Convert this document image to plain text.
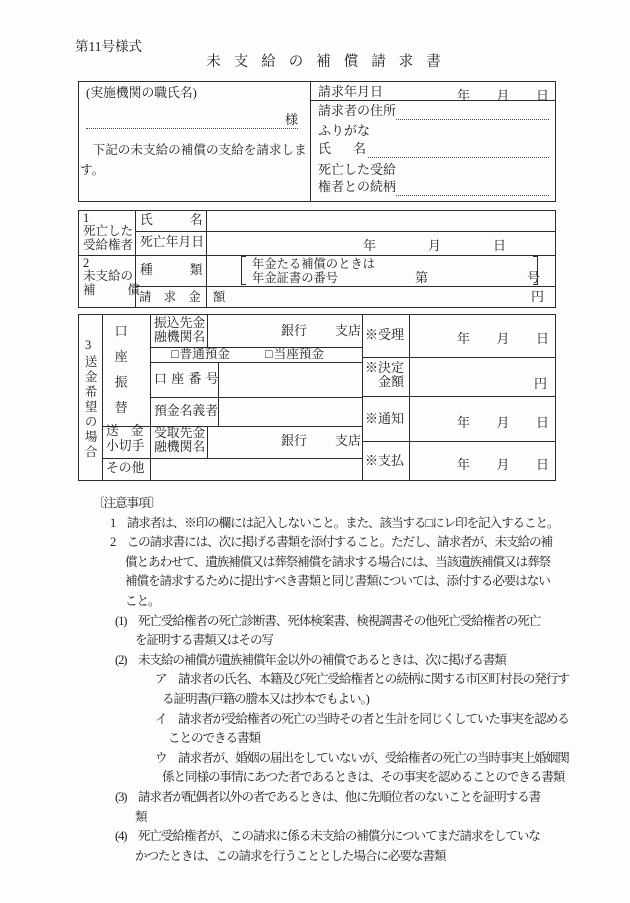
第11号様式
未支給の補償請求書
(実施機関の職氏名)
様
　下記の未支給の補償の支給を請求しま
す。
請求年月日	年 月 日
請求者の住所
ふりがな
氏名
死亡した受給
権者との続柄
1
死亡した
受給権者
氏名
死亡年月日	年	月	日
2
未支給の
補償
種類 年金たる補償のときは
年金証書の番号	第	号
請 求 金 額	円
3
送金希望の場合 口座振替
振込先金
融機関名	銀行 支店
□普通預金	□当座預金
口座番号
預金名義者
送金
小切手
受取先金
融機関名	銀行 支店
その他
※受理	年 月 日
※決定
金額	円
※通知	年 月 日
※支払	年 月 日
〔注意事項〕
1　請求者は、※印の欄には記入しないこと。また、該当する□にレ印を記入すること。
2　この請求書には、次に掲げる書類を添付すること。ただし、請求者が、未支給の補
償とあわせて、遺族補償又は葬祭補償を請求する場合には、当該遺族補償又は葬祭
補償を請求するために提出すべき書類と同じ書類については、添付する必要はない
こと。
(1)　死亡受給権者の死亡診断書、死体検案書、検視調書その他死亡受給権者の死亡
を証明する書類又はその写
(2)　未支給の補償が遺族補償年金以外の補償であるときは、次に掲げる書類
ア　請求者の氏名、本籍及び死亡受給権者との続柄に関する市区町村長の発行す
る証明書(戸籍の謄本又は抄本でもよい。)
イ　請求者が受給権者の死亡の当時その者と生計を同じくしていた事実を認める
ことのできる書類
ウ　請求者が、婚姻の届出をしていないが、受給権者の死亡の当時事実上婚姻関
係と同様の事情にあつた者であるときは、その事実を認めることのできる書類
(3)　請求者が配偶者以外の者であるときは、他に先順位者のないことを証明する書
類
(4)　死亡受給権者が、この請求に係る未支給の補償分についてまだ請求をしていな
かつたときは、この請求を行うこととした場合に必要な書類
